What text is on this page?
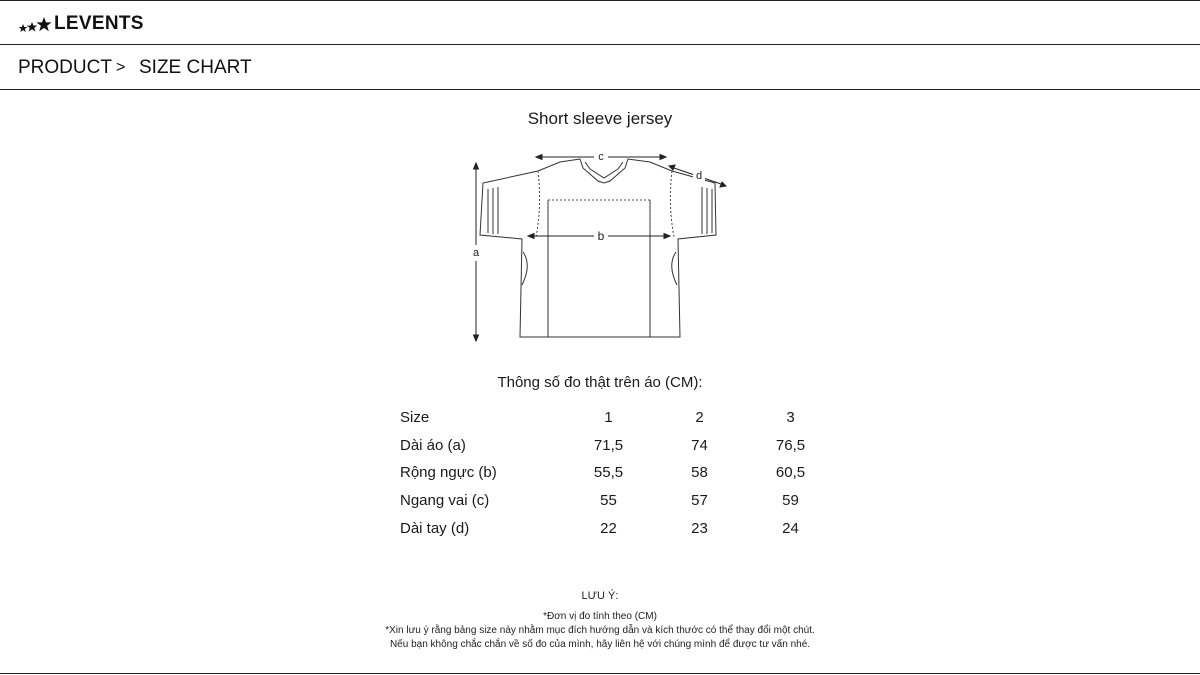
LEVENTS
PRODUCT > SIZE CHART
Short sleeve jersey
c
b
a
d
Thông số đo thật trên áo (CM):
Size	1	2	3
Dài áo (a)	71,5	74	76,5
Rộng ngực (b)	55,5	58	60,5
Ngang vai (c)	55	57	59
Dài tay (d)	22	23	24
LƯU Ý:
*Đơn vị đo tính theo (CM)
*Xin lưu ý rằng bảng size này nhằm mục đích hướng dẫn và kích thước có thể thay đổi một chút.
Nếu bạn không chắc chắn về số đo của mình, hãy liên hệ với chúng mình để được tư vấn nhé.
